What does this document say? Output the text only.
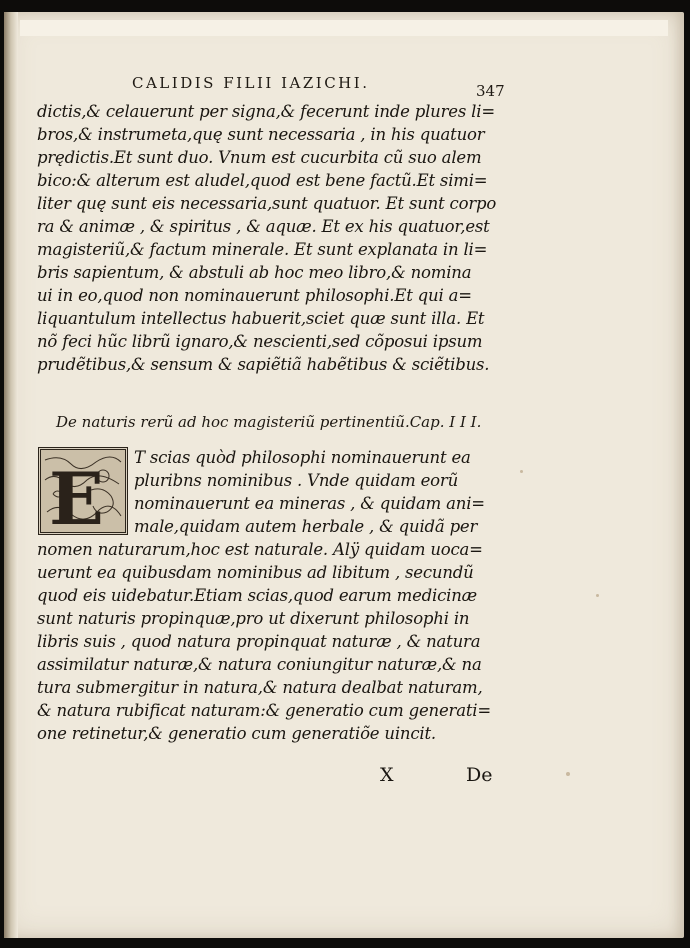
CALIDIS FILII IAZICHI.	347
dictis,& celauerunt per signa,& fecerunt inde plures li=
bros,& instrumeta,quę sunt necessaria , in his quatuor
prędictis.Et sunt duo. Vnum est cucurbita cũ suo alem
bico:& alterum est aludel,quod est bene factũ.Et simi=
liter quę sunt eis necessaria,sunt quatuor. Et sunt corpo
ra & animæ , & spiritus , & aquæ. Et ex his quatuor,est
magisteriũ,& factum minerale. Et sunt explanata in li=
bris sapientum, & abstuli ab hoc meo libro,& nomina
ui in eo,quod non nominauerunt philosophi.Et qui a=
liquantulum intellectus habuerit,sciet quæ sunt illa. Et
nõ feci hũc librũ ignaro,& nescienti,sed cõposui ipsum
prudẽtibus,& sensum & sapiẽtiã habẽtibus & sciẽtibus.
De naturis rerũ ad hoc magisteriũ pertinentiũ.Cap. I I I.
E	T scias quòd philosophi nominauerunt ea
pluribns nominibus . Vnde quidam eorũ
nominauerunt ea mineras , & quidam ani=
male,quidam autem herbale , & quidã per
nomen naturarum,hoc est naturale. Alÿ quidam uoca=
uerunt ea quibusdam nominibus ad libitum , secundũ
quod eis uidebatur.Etiam scias,quod earum medicinæ
sunt naturis propinquæ,pro ut dixerunt philosophi in
libris suis , quod natura propinquat naturæ , & natura
assimilatur naturæ,& natura coniungitur naturæ,& na
tura submergitur in natura,& natura dealbat naturam,
& natura rubificat naturam:& generatio cum generati=
one retinetur,& generatio cum generatiõe uincit.
X	De
